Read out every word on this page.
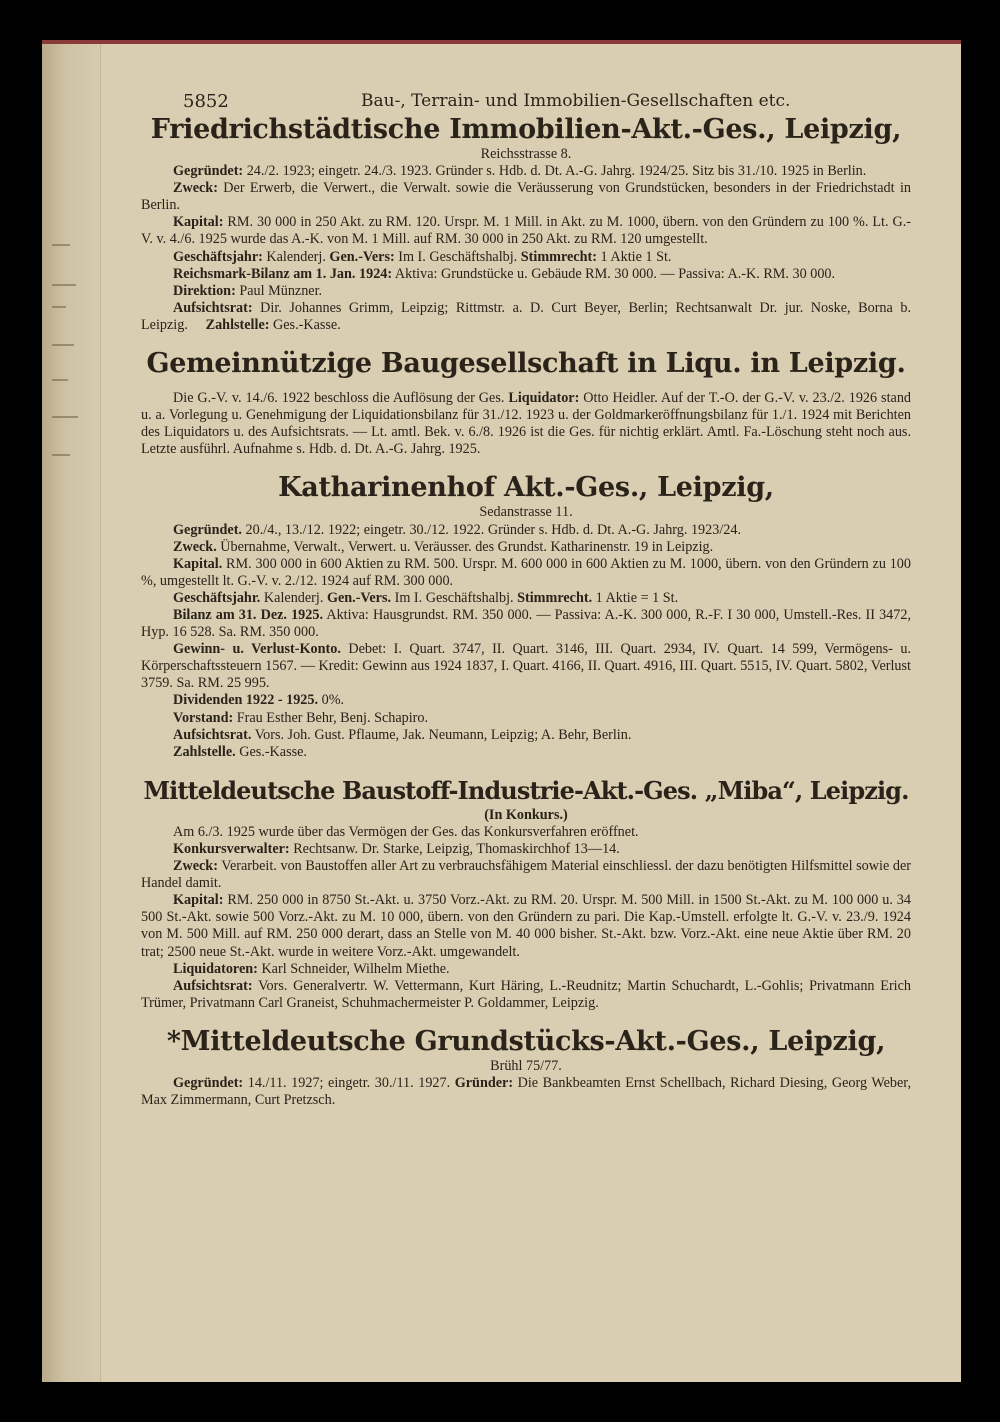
5852	Bau-, Terrain- und Immobilien-Gesellschaften etc.
Friedrichstädtische Immobilien-Akt.-Ges., Leipzig,
Reichsstrasse 8.

Gegründet: 24./2. 1923; eingetr. 24./3. 1923. Gründer s. Hdb. d. Dt. A.-G. Jahrg. 1924/25. Sitz bis 31./10. 1925 in Berlin.

Zweck: Der Erwerb, die Verwert., die Verwalt. sowie die Veräusserung von Grundstücken, besonders in der Friedrichstadt in Berlin.

Kapital: RM. 30 000 in 250 Akt. zu RM. 120. Urspr. M. 1 Mill. in Akt. zu M. 1000, übern. von den Gründern zu 100 %. Lt. G.-V. v. 4./6. 1925 wurde das A.-K. von M. 1 Mill. auf RM. 30 000 in 250 Akt. zu RM. 120 umgestellt.

Geschäftsjahr: Kalenderj. Gen.-Vers: Im I. Geschäftshalbj. Stimmrecht: 1 Aktie 1 St.

Reichsmark-Bilanz am 1. Jan. 1924: Aktiva: Grundstücke u. Gebäude RM. 30 000. — Passiva: A.-K. RM. 30 000.

Direktion: Paul Münzner.

Aufsichtsrat: Dir. Johannes Grimm, Leipzig; Rittmstr. a. D. Curt Beyer, Berlin; Rechtsanwalt Dr. jur. Noske, Borna b. Leipzig. Zahlstelle: Ges.-Kasse.

Gemeinnützige Baugesellschaft in Liqu. in Leipzig.

Die G.-V. v. 14./6. 1922 beschloss die Auflösung der Ges. Liquidator: Otto Heidler. Auf der T.-O. der G.-V. v. 23./2. 1926 stand u. a. Vorlegung u. Genehmigung der Liquidationsbilanz für 31./12. 1923 u. der Goldmarkeröffnungsbilanz für 1./1. 1924 mit Berichten des Liquidators u. des Aufsichtsrats. — Lt. amtl. Bek. v. 6./8. 1926 ist die Ges. für nichtig erklärt. Amtl. Fa.-Löschung steht noch aus. Letzte ausführl. Aufnahme s. Hdb. d. Dt. A.-G. Jahrg. 1925.

Katharinenhof Akt.-Ges., Leipzig,
Sedanstrasse 11.

Gegründet. 20./4., 13./12. 1922; eingetr. 30./12. 1922. Gründer s. Hdb. d. Dt. A.-G. Jahrg. 1923/24.

Zweck. Übernahme, Verwalt., Verwert. u. Veräusser. des Grundst. Katharinenstr. 19 in Leipzig.

Kapital. RM. 300 000 in 600 Aktien zu RM. 500. Urspr. M. 600 000 in 600 Aktien zu M. 1000, übern. von den Gründern zu 100 %, umgestellt lt. G.-V. v. 2./12. 1924 auf RM. 300 000.

Geschäftsjahr. Kalenderj. Gen.-Vers. Im I. Geschäftshalbj. Stimmrecht. 1 Aktie = 1 St.

Bilanz am 31. Dez. 1925. Aktiva: Hausgrundst. RM. 350 000. — Passiva: A.-K. 300 000, R.-F. I 30 000, Umstell.-Res. II 3472, Hyp. 16 528. Sa. RM. 350 000.

Gewinn- u. Verlust-Konto. Debet: I. Quart. 3747, II. Quart. 3146, III. Quart. 2934, IV. Quart. 14 599, Vermögens- u. Körperschaftssteuern 1567. — Kredit: Gewinn aus 1924 1837, I. Quart. 4166, II. Quart. 4916, III. Quart. 5515, IV. Quart. 5802, Verlust 3759. Sa. RM. 25 995.

Dividenden 1922 - 1925. 0%.

Vorstand: Frau Esther Behr, Benj. Schapiro.

Aufsichtsrat. Vors. Joh. Gust. Pflaume, Jak. Neumann, Leipzig; A. Behr, Berlin.

Zahlstelle. Ges.-Kasse.

Mitteldeutsche Baustoff-Industrie-Akt.-Ges. „Miba“, Leipzig.
(In Konkurs.)

Am 6./3. 1925 wurde über das Vermögen der Ges. das Konkursverfahren eröffnet.

Konkursverwalter: Rechtsanw. Dr. Starke, Leipzig, Thomaskirchhof 13—14.

Zweck: Verarbeit. von Baustoffen aller Art zu verbrauchsfähigem Material einschliessl. der dazu benötigten Hilfsmittel sowie der Handel damit.

Kapital: RM. 250 000 in 8750 St.-Akt. u. 3750 Vorz.-Akt. zu RM. 20. Urspr. M. 500 Mill. in 1500 St.-Akt. zu M. 100 000 u. 34 500 St.-Akt. sowie 500 Vorz.-Akt. zu M. 10 000, übern. von den Gründern zu pari. Die Kap.-Umstell. erfolgte lt. G.-V. v. 23./9. 1924 von M. 500 Mill. auf RM. 250 000 derart, dass an Stelle von M. 40 000 bisher. St.-Akt. bzw. Vorz.-Akt. eine neue Aktie über RM. 20 trat; 2500 neue St.-Akt. wurde in weitere Vorz.-Akt. umgewandelt.

Liquidatoren: Karl Schneider, Wilhelm Miethe.

Aufsichtsrat: Vors. Generalvertr. W. Vettermann, Kurt Häring, L.-Reudnitz; Martin Schuchardt, L.-Gohlis; Privatmann Erich Trümer, Privatmann Carl Graneist, Schuhmachermeister P. Goldammer, Leipzig.

*Mitteldeutsche Grundstücks-Akt.-Ges., Leipzig,
Brühl 75/77.

Gegründet: 14./11. 1927; eingetr. 30./11. 1927. Gründer: Die Bankbeamten Ernst Schellbach, Richard Diesing, Georg Weber, Max Zimmermann, Curt Pretzsch.
